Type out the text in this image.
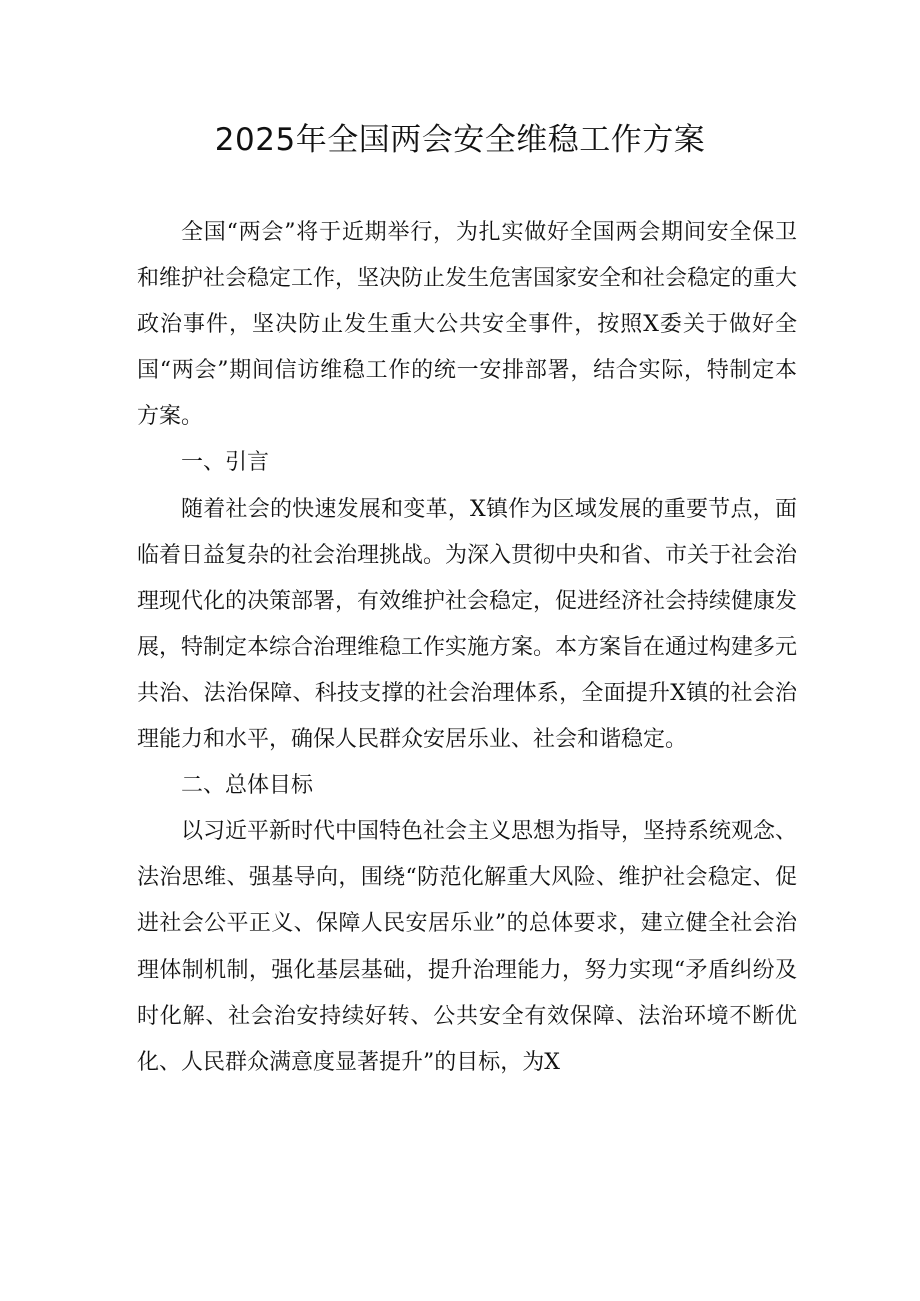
2025年全国两会安全维稳工作方案

全国“两会”将于近期举行，为扎实做好全国两会期间安全保卫和维护社会稳定工作，坚决防止发生危害国家安全和社会稳定的重大政治事件，坚决防止发生重大公共安全事件，按照X委关于做好全国“两会”期间信访维稳工作的统一安排部署，结合实际，特制定本方案。

一、引言

随着社会的快速发展和变革，X镇作为区域发展的重要节点，面临着日益复杂的社会治理挑战。为深入贯彻中央和省、市关于社会治理现代化的决策部署，有效维护社会稳定，促进经济社会持续健康发展，特制定本综合治理维稳工作实施方案。本方案旨在通过构建多元共治、法治保障、科技支撑的社会治理体系，全面提升X镇的社会治理能力和水平，确保人民群众安居乐业、社会和谐稳定。

二、总体目标

以习近平新时代中国特色社会主义思想为指导，坚持系统观念、法治思维、强基导向，围绕“防范化解重大风险、维护社会稳定、促进社会公平正义、保障人民安居乐业”的总体要求，建立健全社会治理体制机制，强化基层基础，提升治理能力，努力实现“矛盾纠纷及时化解、社会治安持续好转、公共安全有效保障、法治环境不断优化、人民群众满意度显著提升”的目标，为X
